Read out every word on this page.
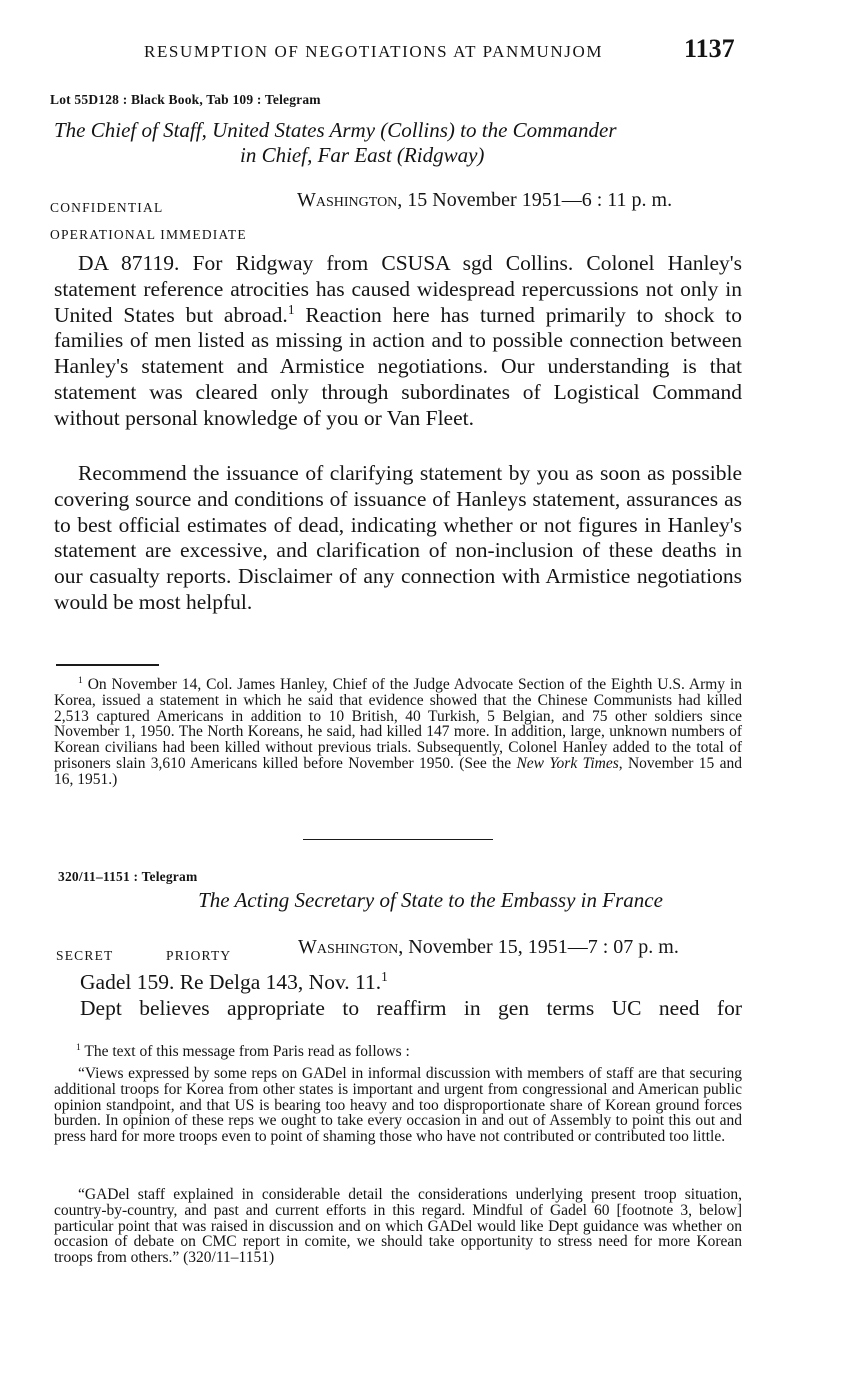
RESUMPTION OF NEGOTIATIONS AT PANMUNJOM	1137
Lot 55D128 : Black Book, Tab 109 : Telegram
The Chief of Staff, United States Army (Collins) to the Commander
in Chief, Far East (Ridgway)
CONFIDENTIAL	Washington, 15 November 1951—6 : 11 p. m.
OPERATIONAL IMMEDIATE

DA 87119. For Ridgway from CSUSA sgd Collins. Colonel Hanley's statement reference atrocities has caused widespread repercussions not only in United States but abroad.$^1$ Reaction here has turned primarily to shock to families of men listed as missing in action and to possible connection between Hanley's statement and Armistice negotiations. Our understanding is that statement was cleared only through subordinates of Logistical Command without personal knowledge of you or Van Fleet.

Recommend the issuance of clarifying statement by you as soon as possible covering source and conditions of issuance of Hanleys statement, assurances as to best official estimates of dead, indicating whether or not figures in Hanley's statement are excessive, and clarification of non-inclusion of these deaths in our casualty reports. Disclaimer of any connection with Armistice negotiations would be most helpful.

$^1$ On November 14, Col. James Hanley, Chief of the Judge Advocate Section of the Eighth U.S. Army in Korea, issued a statement in which he said that evidence showed that the Chinese Communists had killed 2,513 captured Americans in addition to 10 British, 40 Turkish, 5 Belgian, and 75 other soldiers since November 1, 1950. The North Koreans, he said, had killed 147 more. In addition, large, unknown numbers of Korean civilians had been killed without previous trials. Subsequently, Colonel Hanley added to the total of prisoners slain 3,610 Americans killed before November 1950. (See the New York Times, November 15 and 16, 1951.)

320/11–1151 : Telegram
The Acting Secretary of State to the Embassy in France
SECRET	PRIORTY	Washington, November 15, 1951—7 : 07 p. m.
Gadel 159. Re Delga 143, Nov. 11.$^1$
Dept believes appropriate to reaffirm in gen terms UC need for
$^1$ The text of this message from Paris read as follows :

“Views expressed by some reps on GADel in informal discussion with members of staff are that securing additional troops for Korea from other states is important and urgent from congressional and American public opinion standpoint, and that US is bearing too heavy and too disproportionate share of Korean ground forces burden. In opinion of these reps we ought to take every occasion in and out of Assembly to point this out and press hard for more troops even to point of shaming those who have not contributed or contributed too little.

“GADel staff explained in considerable detail the considerations underlying present troop situation, country-by-country, and past and current efforts in this regard. Mindful of Gadel 60 [footnote 3, below] particular point that was raised in discussion and on which GADel would like Dept guidance was whether on occasion of debate on CMC report in comite, we should take opportunity to stress need for more Korean troops from others.” (320/11–1151)
